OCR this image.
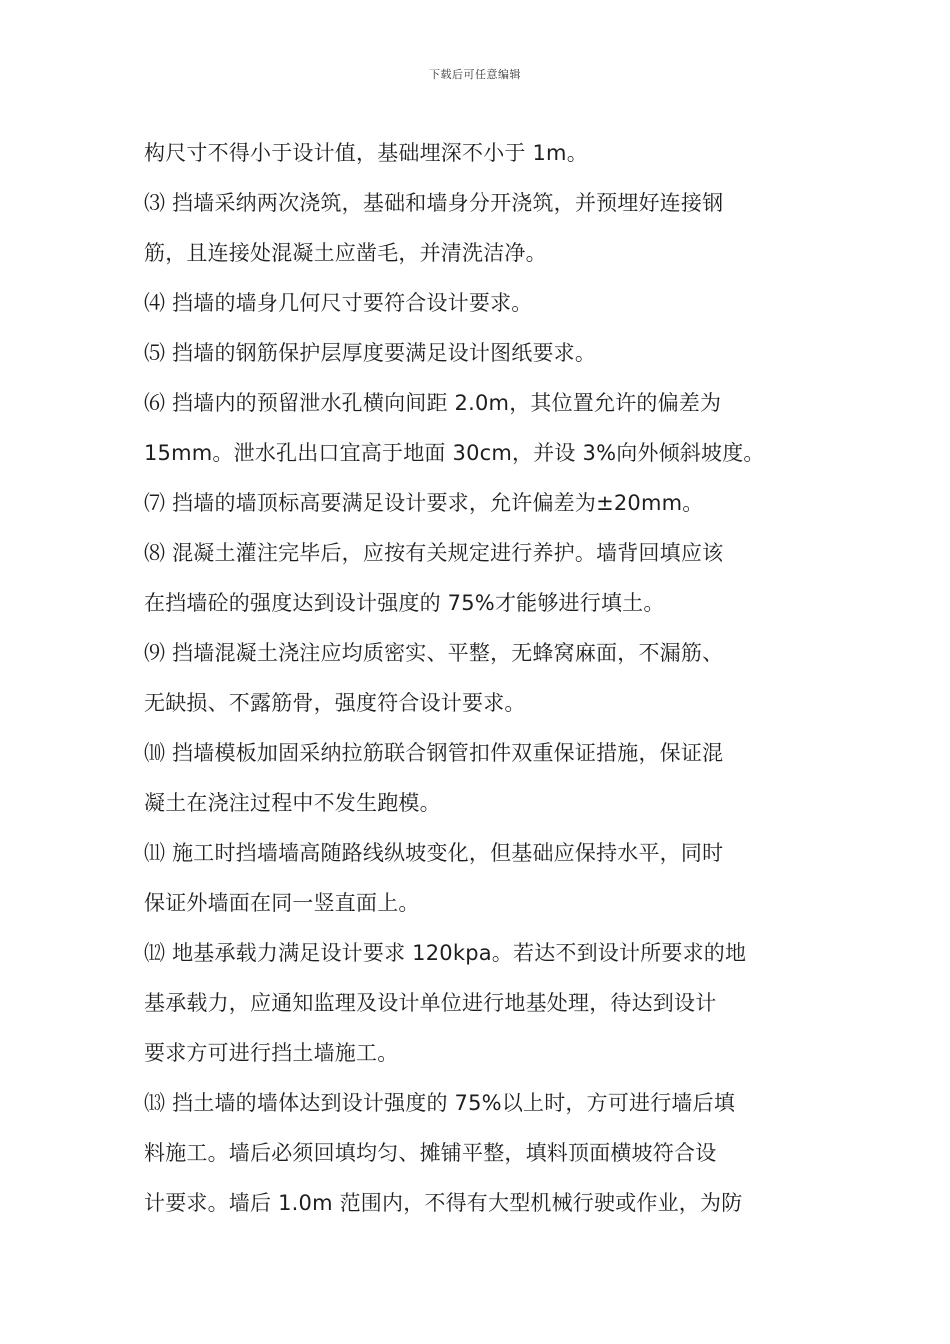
下载后可任意编辑
构尺寸不得小于设计值，基础埋深不小于 1m。
⑶ 挡墙采纳两次浇筑，基础和墙身分开浇筑，并预埋好连接钢
筋，且连接处混凝土应凿毛，并清洗洁净。
⑷ 挡墙的墙身几何尺寸要符合设计要求。
⑸ 挡墙的钢筋保护层厚度要满足设计图纸要求。
⑹ 挡墙内的预留泄水孔横向间距 2.0m，其位置允许的偏差为
15mm。泄水孔出口宜高于地面 30cm，并设 3%向外倾斜坡度。
⑺ 挡墙的墙顶标高要满足设计要求，允许偏差为±20mm。
⑻ 混凝土灌注完毕后，应按有关规定进行养护。墙背回填应该
在挡墙砼的强度达到设计强度的 75%才能够进行填土。
⑼ 挡墙混凝土浇注应均质密实、平整，无蜂窝麻面，不漏筋、
无缺损、不露筋骨，强度符合设计要求。
⑽ 挡墙模板加固采纳拉筋联合钢管扣件双重保证措施，保证混
凝土在浇注过程中不发生跑模。
⑾ 施工时挡墙墙高随路线纵坡变化，但基础应保持水平，同时
保证外墙面在同一竖直面上。
⑿ 地基承载力满足设计要求 120kpa。若达不到设计所要求的地
基承载力，应通知监理及设计单位进行地基处理，待达到设计
要求方可进行挡土墙施工。
⒀ 挡土墙的墙体达到设计强度的 75%以上时，方可进行墙后填
料施工。墙后必须回填均匀、摊铺平整，填料顶面横坡符合设
计要求。墙后 1.0m 范围内，不得有大型机械行驶或作业，为防
